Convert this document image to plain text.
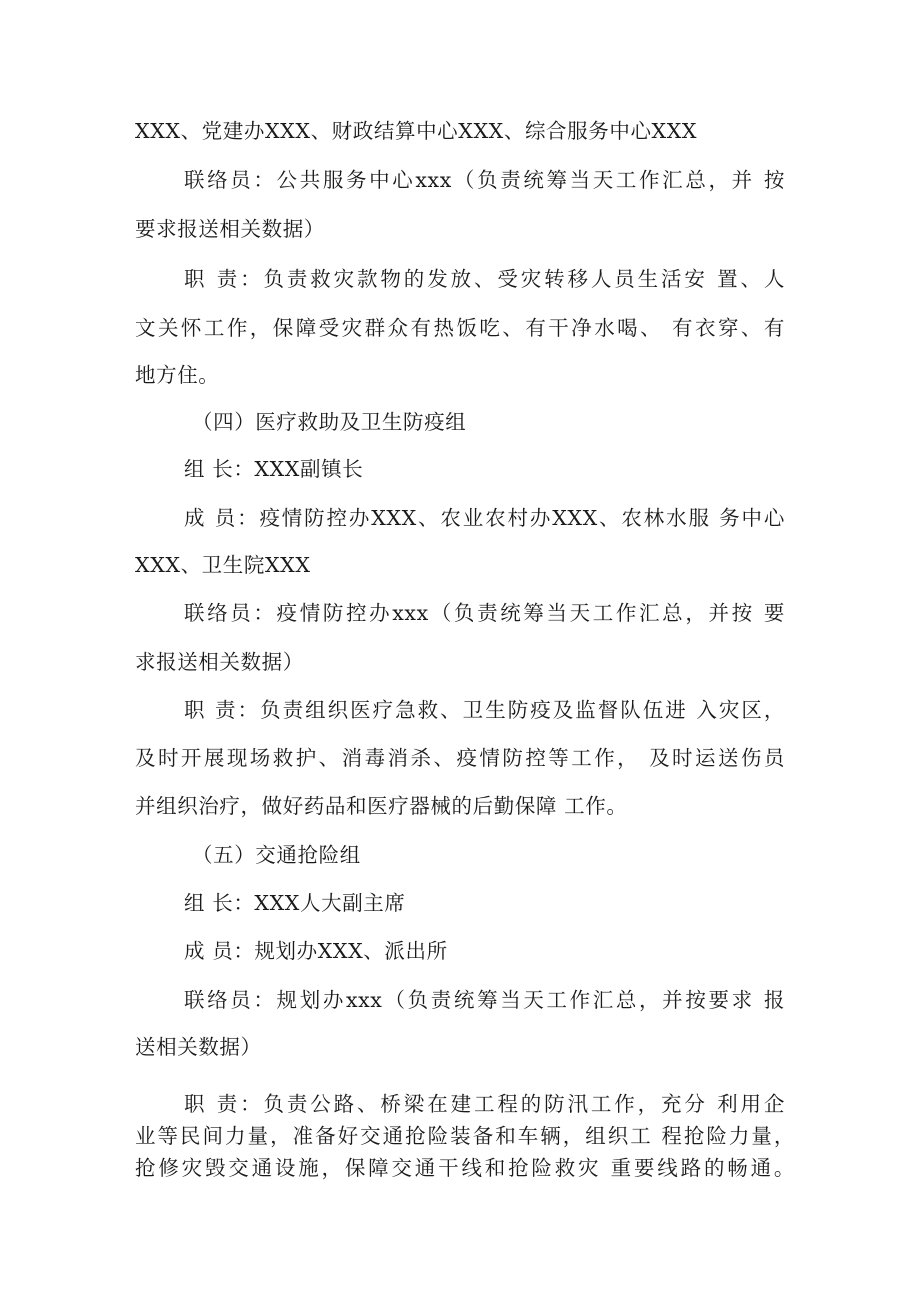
XXX、党建办XXX、财政结算中心XXX、综合服务中心XXX
联络员：公共服务中心xxx（负责统筹当天工作汇总，并 按
要求报送相关数据）
职 责：负责救灾款物的发放、受灾转移人员生活安 置、人
文关怀工作，保障受灾群众有热饭吃、有干净水喝、 有衣穿、有
地方住。
（四）医疗救助及卫生防疫组
组 长：XXX副镇长
成 员：疫情防控办XXX、农业农村办XXX、农林水服 务中心
XXX、卫生院XXX
联络员：疫情防控办xxx（负责统筹当天工作汇总，并按 要
求报送相关数据）
职 责：负责组织医疗急救、卫生防疫及监督队伍进 入灾区，
及时开展现场救护、消毒消杀、疫情防控等工作， 及时运送伤员
并组织治疗，做好药品和医疗器械的后勤保障 工作。
（五）交通抢险组
组 长：XXX人大副主席
成 员：规划办XXX、派出所
联络员：规划办xxx（负责统筹当天工作汇总，并按要求 报
送相关数据）
职 责：负责公路、桥梁在建工程的防汛工作，充分 利用企
业等民间力量，准备好交通抢险装备和车辆，组织工 程抢险力量，
抢修灾毁交通设施，保障交通干线和抢险救灾 重要线路的畅通。
